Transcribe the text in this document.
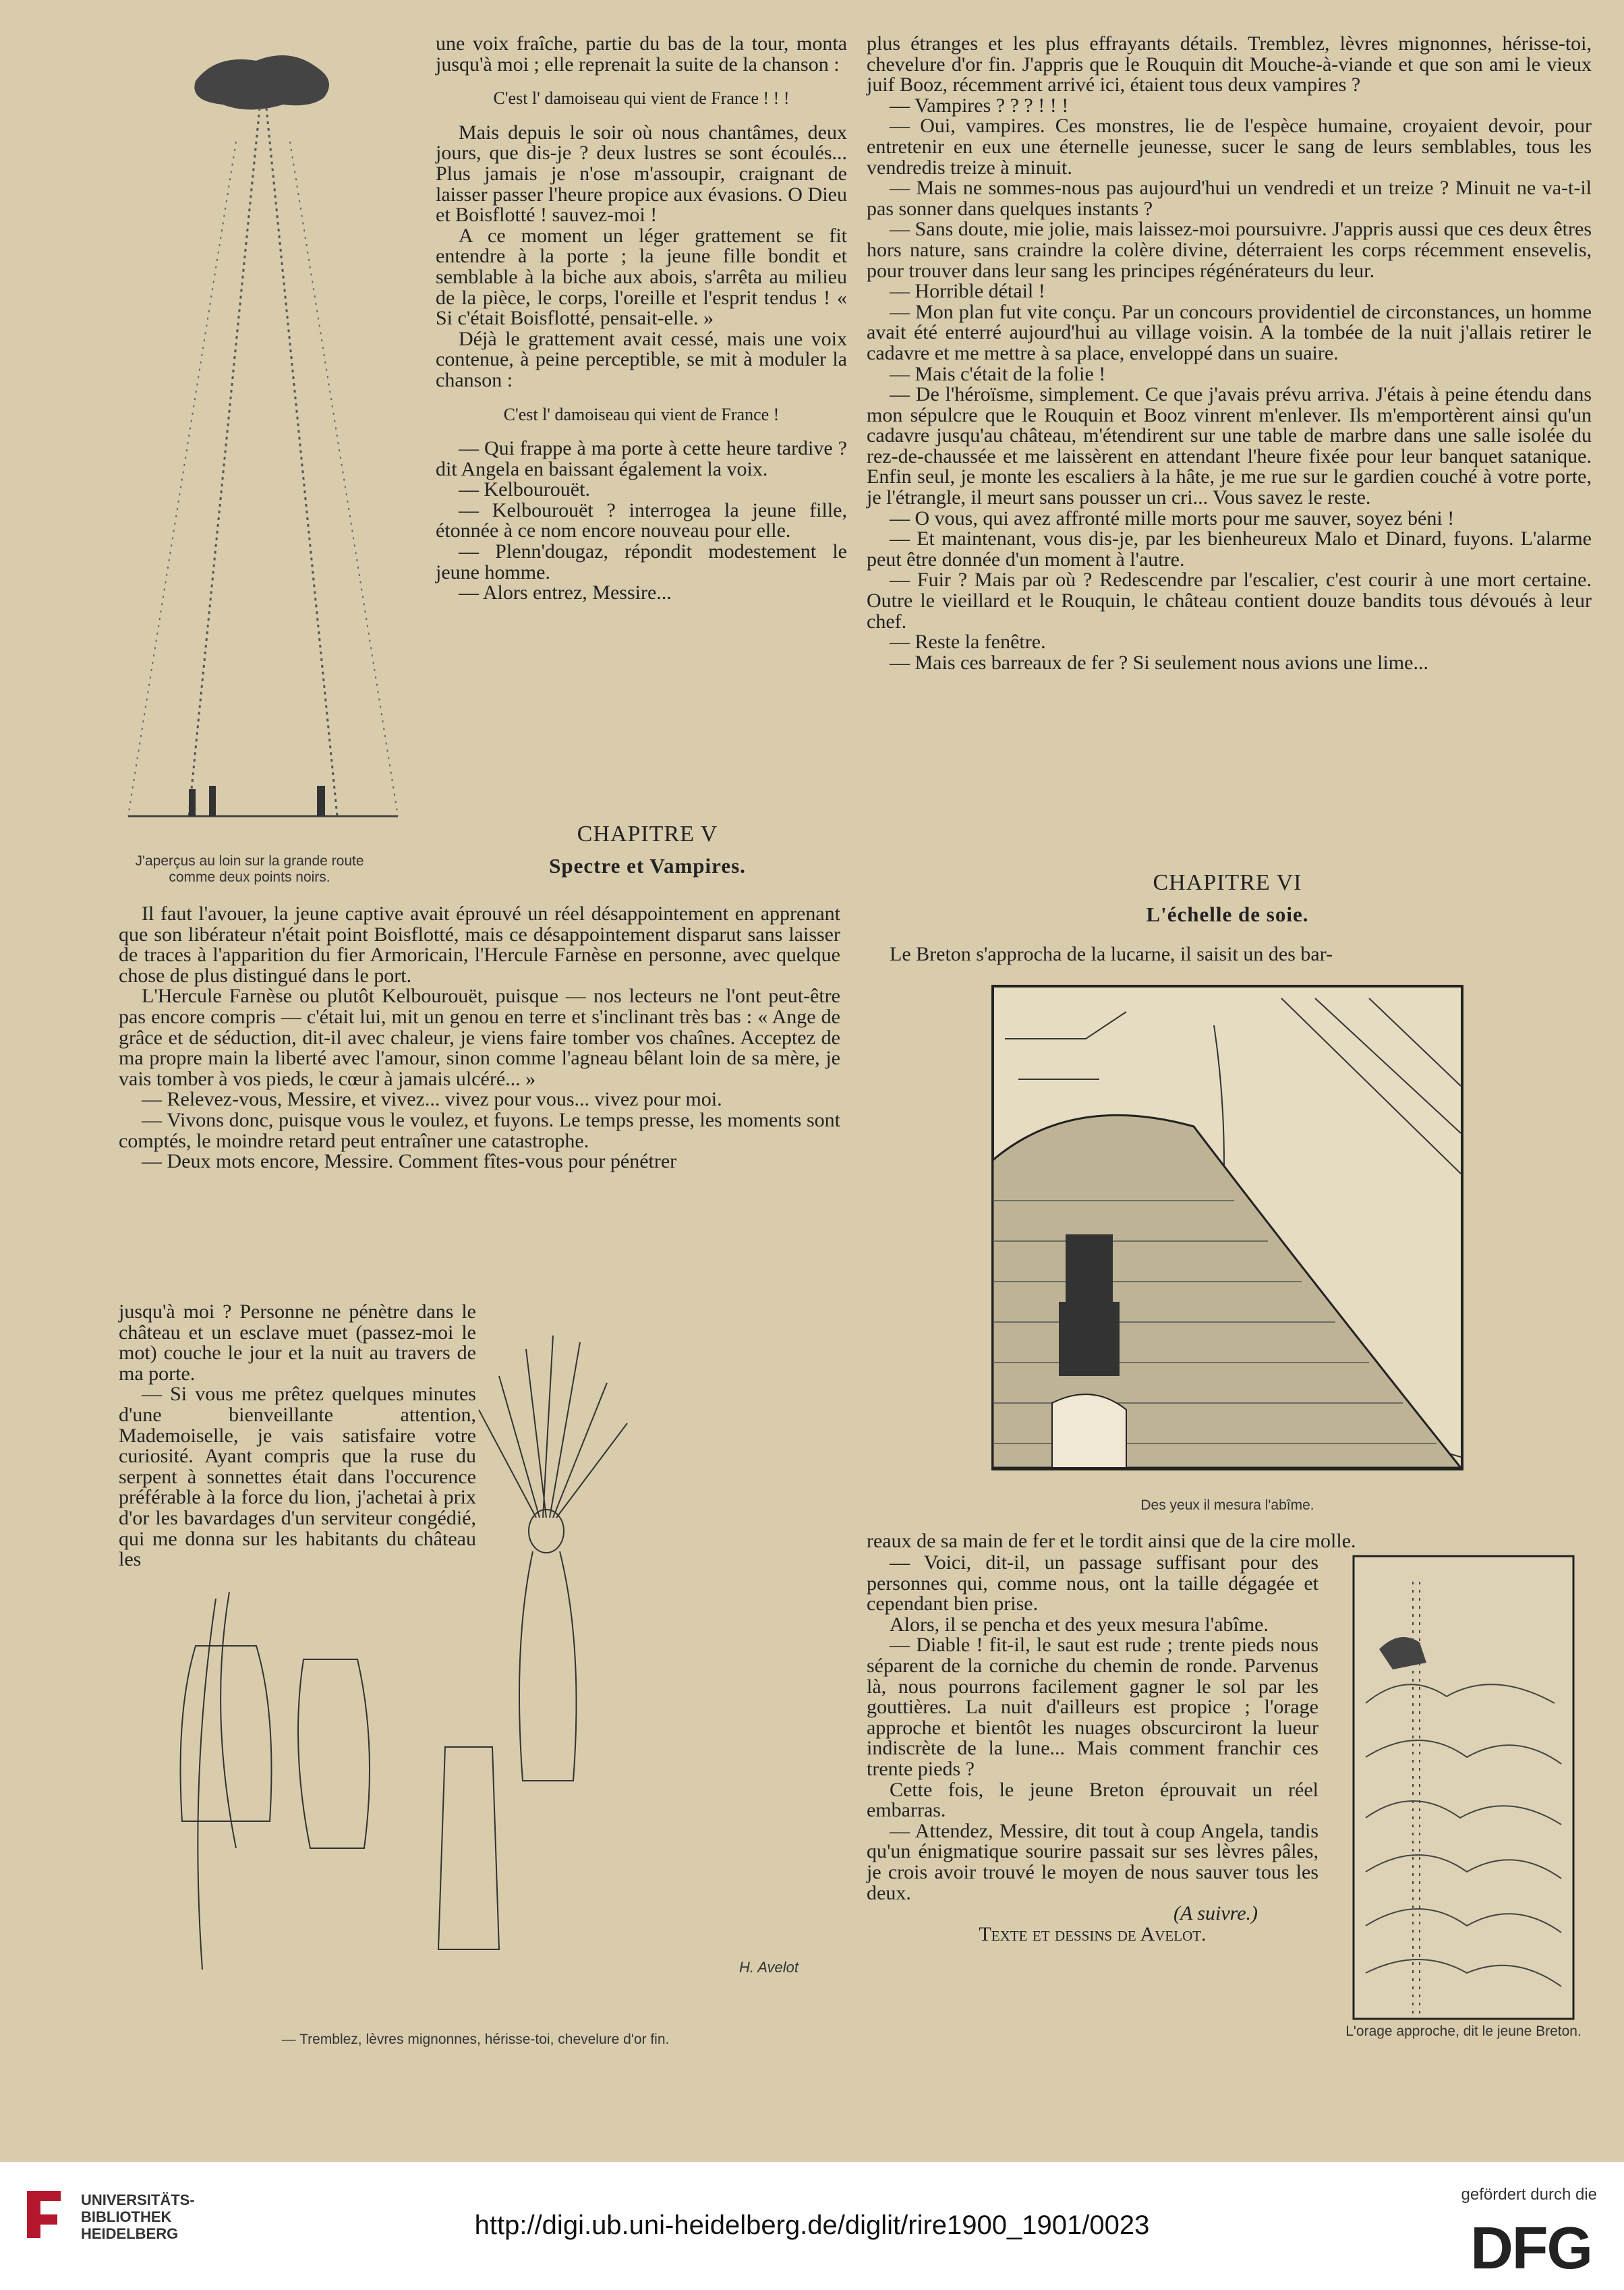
une voix fraîche, partie du bas de la tour, monta jusqu'à moi ; elle reprenait la suite de la chanson :

C'est l' damoiseau qui vient de France ! ! !

Mais depuis le soir où nous chantâmes, deux jours, que dis-je ? deux lustres se sont écoulés... Plus jamais je n'ose m'assoupir, craignant de laisser passer l'heure propice aux évasions. O Dieu et Boisflotté ! sauvez-moi !

A ce moment un léger grattement se fit entendre à la porte ; la jeune fille bondit et semblable à la biche aux abois, s'arrêta au milieu de la pièce, le corps, l'oreille et l'esprit tendus ! « Si c'était Boisflotté, pensait-elle. »

Déjà le grattement avait cessé, mais une voix contenue, à peine perceptible, se mit à moduler la chanson :

C'est l' damoiseau qui vient de France !

— Qui frappe à ma porte à cette heure tardive ? dit Angela en baissant également la voix.

— Kelbourouët.

— Kelbourouët ? interrogea la jeune fille, étonnée à ce nom encore nouveau pour elle.

— Plenn'dougaz, répondit modestement le jeune homme.

— Alors entrez, Messire...

J'aperçus au loin sur la grande route comme deux points noirs.
CHAPITRE V
Spectre et Vampires.

Il faut l'avouer, la jeune captive avait éprouvé un réel désappointement en apprenant que son libérateur n'était point Boisflotté, mais ce désappointement disparut sans laisser de traces à l'apparition du fier Armoricain, l'Hercule Farnèse en personne, avec quelque chose de plus distingué dans le port.

L'Hercule Farnèse ou plutôt Kelbourouët, puisque — nos lecteurs ne l'ont peut-être pas encore compris — c'était lui, mit un genou en terre et s'inclinant très bas : « Ange de grâce et de séduction, dit-il avec chaleur, je viens faire tomber vos chaînes. Acceptez de ma propre main la liberté avec l'amour, sinon comme l'agneau bêlant loin de sa mère, je vais tomber à vos pieds, le cœur à jamais ulcéré... »

— Relevez-vous, Messire, et vivez... vivez pour vous... vivez pour moi.

— Vivons donc, puisque vous le voulez, et fuyons. Le temps presse, les moments sont comptés, le moindre retard peut entraîner une catastrophe.

— Deux mots encore, Messire. Comment fîtes-vous pour pénétrer

jusqu'à moi ? Personne ne pénètre dans le château et un esclave muet (passez-moi le mot) couche le jour et la nuit au travers de ma porte.

— Si vous me prêtez quelques minutes d'une bienveillante attention, Mademoiselle, je vais satisfaire votre curiosité. Ayant compris que la ruse du serpent à sonnettes était dans l'occurence préférable à la force du lion, j'achetai à prix d'or les bavardages d'un serviteur congédié, qui me donna sur les habitants du château les

H. Avelot
— Tremblez, lèvres mignonnes, hérisse-toi, chevelure d'or fin.

plus étranges et les plus effrayants détails. Tremblez, lèvres mignonnes, hérisse-toi, chevelure d'or fin. J'appris que le Rouquin dit Mouche-à-viande et que son ami le vieux juif Booz, récemment arrivé ici, étaient tous deux vampires ?

— Vampires ? ? ? ! ! !

— Oui, vampires. Ces monstres, lie de l'espèce humaine, croyaient devoir, pour entretenir en eux une éternelle jeunesse, sucer le sang de leurs semblables, tous les vendredis treize à minuit.

— Mais ne sommes-nous pas aujourd'hui un vendredi et un treize ? Minuit ne va-t-il pas sonner dans quelques instants ?

— Sans doute, mie jolie, mais laissez-moi poursuivre. J'appris aussi que ces deux êtres hors nature, sans craindre la colère divine, déterraient les corps récemment ensevelis, pour trouver dans leur sang les principes régénérateurs du leur.

— Horrible détail !

— Mon plan fut vite conçu. Par un concours providentiel de circonstances, un homme avait été enterré aujourd'hui au village voisin. A la tombée de la nuit j'allais retirer le cadavre et me mettre à sa place, enveloppé dans un suaire.

— Mais c'était de la folie !

— De l'héroïsme, simplement. Ce que j'avais prévu arriva. J'étais à peine étendu dans mon sépulcre que le Rouquin et Booz vinrent m'enlever. Ils m'emportèrent ainsi qu'un cadavre jusqu'au château, m'étendirent sur une table de marbre dans une salle isolée du rez-de-chaussée et me laissèrent en attendant l'heure fixée pour leur banquet satanique. Enfin seul, je monte les escaliers à la hâte, je me rue sur le gardien couché à votre porte, je l'étrangle, il meurt sans pousser un cri... Vous savez le reste.

— O vous, qui avez affronté mille morts pour me sauver, soyez béni !

— Et maintenant, vous dis-je, par les bienheureux Malo et Dinard, fuyons. L'alarme peut être donnée d'un moment à l'autre.

— Fuir ? Mais par où ? Redescendre par l'escalier, c'est courir à une mort certaine. Outre le vieillard et le Rouquin, le château contient douze bandits tous dévoués à leur chef.

— Reste la fenêtre.

— Mais ces barreaux de fer ? Si seulement nous avions une lime...

CHAPITRE VI
L'échelle de soie.

Le Breton s'approcha de la lucarne, il saisit un des bar-

Des yeux il mesura l'abîme.

reaux de sa main de fer et le tordit ainsi que de la cire molle.

— Voici, dit-il, un passage suffisant pour des personnes qui, comme nous, ont la taille dégagée et cependant bien prise.

Alors, il se pencha et des yeux mesura l'abîme.

— Diable ! fit-il, le saut est rude ; trente pieds nous séparent de la corniche du chemin de ronde. Parvenus là, nous pourrons facilement gagner le sol par les gouttières. La nuit d'ailleurs est propice ; l'orage approche et bientôt les nuages obscurciront la lueur indiscrète de la lune... Mais comment franchir ces trente pieds ?

Cette fois, le jeune Breton éprouvait un réel embarras.

— Attendez, Messire, dit tout à coup Angela, tandis qu'un énigmatique sourire passait sur ses lèvres pâles, je crois avoir trouvé le moyen de nous sauver tous les deux.

(A suivre.)

Texte et dessins de Avelot.

L'orage approche, dit le jeune Breton.
UNIVERSITÄTS-
BIBLIOTHEK
HEIDELBERG	http://digi.ub.uni-heidelberg.de/diglit/rire1900_1901/0023
gefördert durch die
DFG
